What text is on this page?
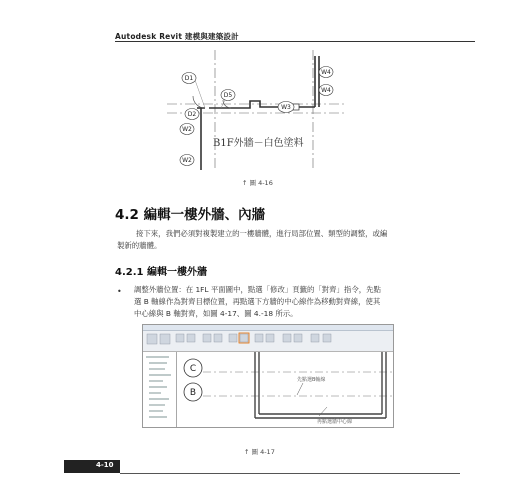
Autodesk Revit 建模與建築設計
D1
D5
D2
W2
W2
W3
W4
W4
B1F外牆－白色塗料
↑ 圖 4-16
4.2 編輯一樓外牆、內牆
接下來，我們必須對複製建立的一樓牆體，進行局部位置、類型的調整，或編
製新的牆體。
4.2.1 編輯一樓外牆
• 調整外牆位置：在 1FL 平面圖中，點選「修改」頁籤的「對齊」指令，先點
選 B 軸線作為對齊目標位置，再點選下方牆的中心線作為移動對齊線，使其
中心線與 B 軸對齊，如圖 4-17、圖 4.-18 所示。
C
B
先點選B軸線
再點選牆中心線
↑ 圖 4-17
4-10
